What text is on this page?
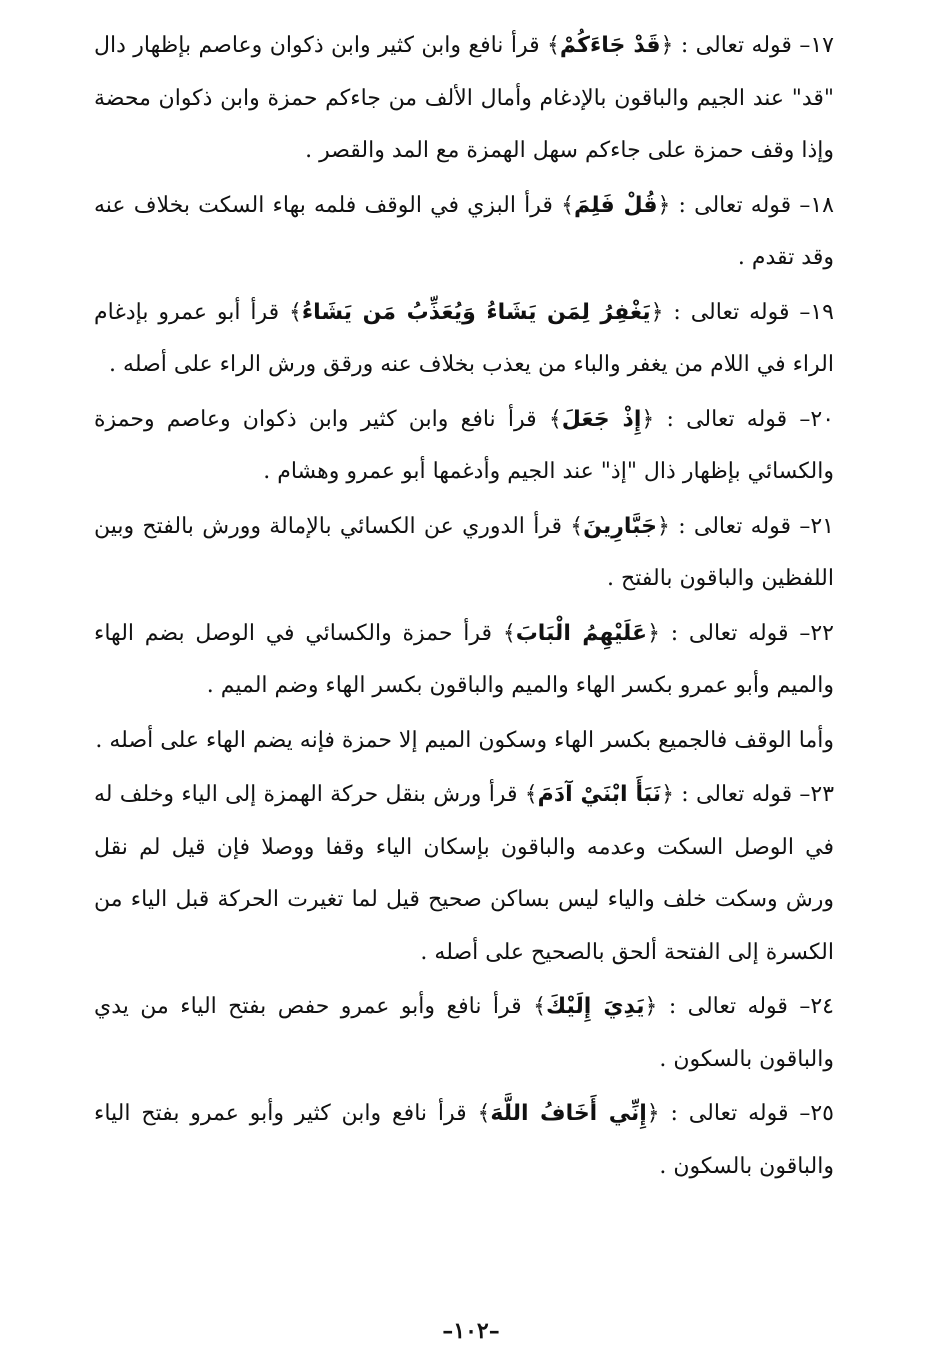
١٧– قوله تعالى : ﴿قَدْ جَاءَكُمْ﴾ قرأ نافع وابن كثير وابن ذكوان وعاصم بإظهار دال "قد" عند الجيم والباقون بالإدغام وأمال الألف من جاءكم حمزة وابن ذكوان محضة وإذا وقف حمزة على جاءكم سهل الهمزة مع المد والقصر .

١٨– قوله تعالى : ﴿قُلْ فَلِمَ﴾ قرأ البزي في الوقف فلمه بهاء السكت بخلاف عنه وقد تقدم .

١٩– قوله تعالى : ﴿يَغْفِرُ لِمَن يَشَاءُ وَيُعَذِّبُ مَن يَشَاءُ﴾ قرأ أبو عمرو بإدغام الراء في اللام من يغفر والباء من يعذب بخلاف عنه ورقق ورش الراء على أصله .

٢٠– قوله تعالى : ﴿إِذْ جَعَلَ﴾ قرأ نافع وابن كثير وابن ذكوان وعاصم وحمزة والكسائي بإظهار ذال "إذ" عند الجيم وأدغمها أبو عمرو وهشام .

٢١– قوله تعالى : ﴿جَبَّارِينَ﴾ قرأ الدوري عن الكسائي بالإمالة وورش بالفتح وبين اللفظين والباقون بالفتح .

٢٢– قوله تعالى : ﴿عَلَيْهِمُ الْبَابَ﴾ قرأ حمزة والكسائي في الوصل بضم الهاء والميم وأبو عمرو بكسر الهاء والميم والباقون بكسر الهاء وضم الميم .

وأما الوقف فالجميع بكسر الهاء وسكون الميم إلا حمزة فإنه يضم الهاء على أصله .

٢٣– قوله تعالى : ﴿نَبَأَ ابْنَيْ آدَمَ﴾ قرأ ورش بنقل حركة الهمزة إلى الياء وخلف له في الوصل السكت وعدمه والباقون بإسكان الياء وقفا ووصلا فإن قيل لم نقل ورش وسكت خلف والياء ليس بساكن صحيح قيل لما تغيرت الحركة قبل الياء من الكسرة إلى الفتحة ألحق بالصحيح على أصله .

٢٤– قوله تعالى : ﴿يَدِيَ إِلَيْكَ﴾ قرأ نافع وأبو عمرو حفص بفتح الياء من يدي والباقون بالسكون .

٢٥– قوله تعالى : ﴿إِنِّي أَخَافُ اللَّهَ﴾ قرأ نافع وابن كثير وأبو عمرو بفتح الياء والباقون بالسكون .

–١٠٢–
